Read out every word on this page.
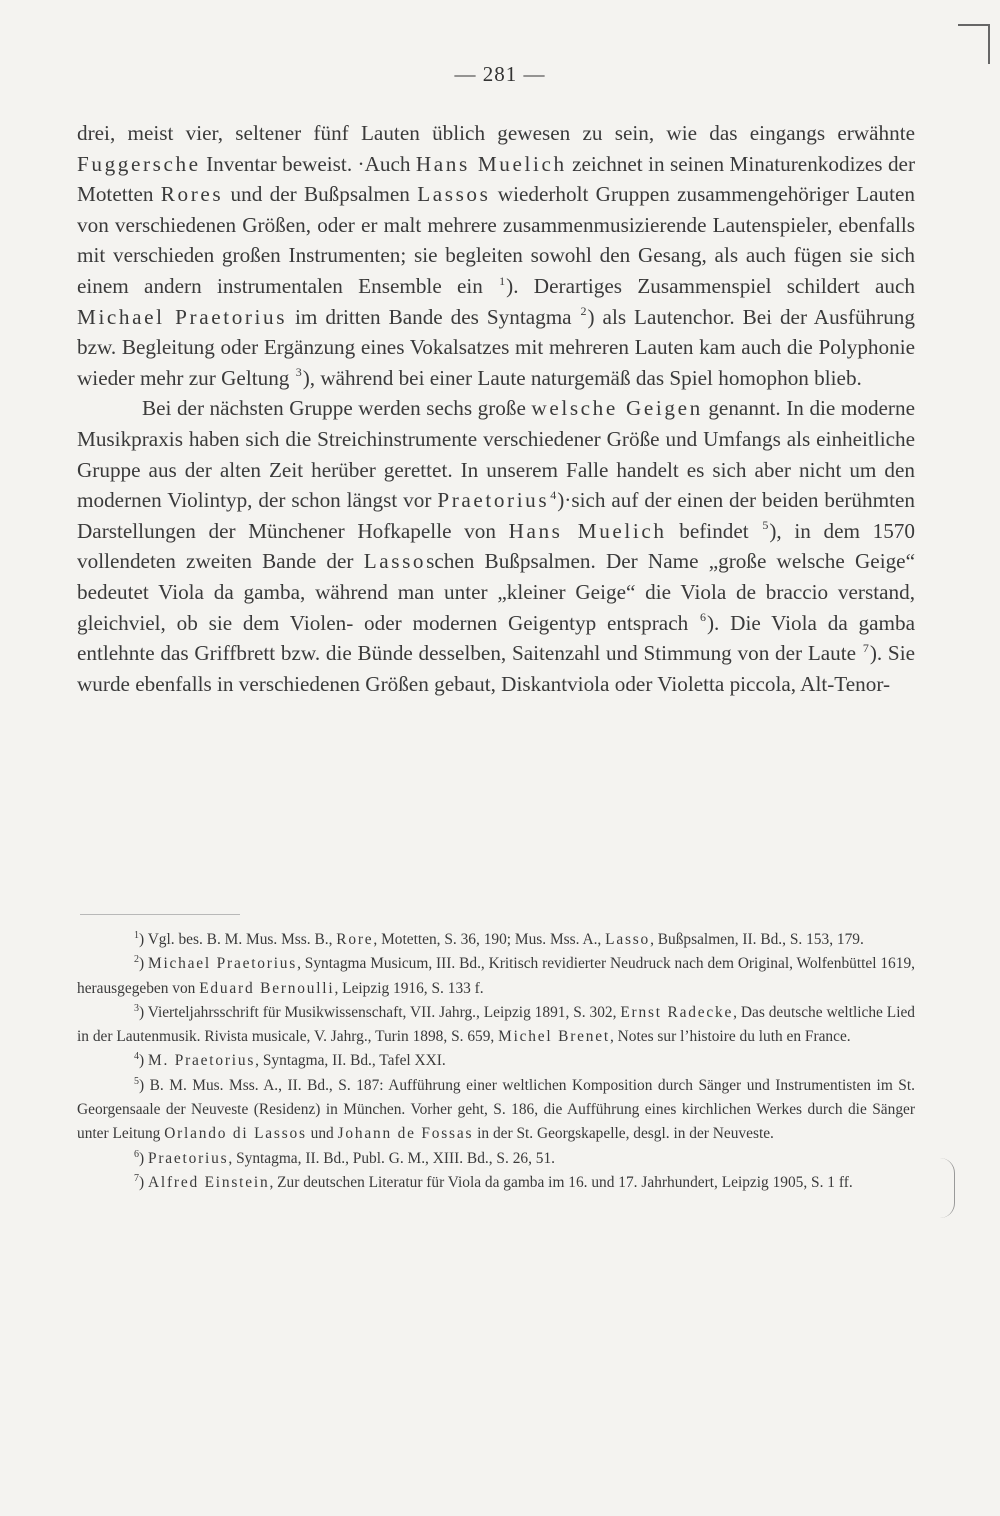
— 281 —

drei, meist vier, seltener fünf Lauten üblich gewesen zu sein, wie das eingangs erwähnte Fuggersche Inventar beweist. ·Auch Hans Muelich zeichnet in seinen Minaturenkodizes der Motetten Rores und der Bußpsalmen Lassos wiederholt Gruppen zusammengehöriger Lauten von verschiedenen Größen, oder er malt mehrere zusammenmusizierende Lautenspieler, ebenfalls mit verschieden großen Instrumenten; sie begleiten sowohl den Gesang, als auch fügen sie sich einem andern instrumentalen Ensemble ein $^1$). Derartiges Zusammenspiel schildert auch Michael Praetorius im dritten Bande des Syntagma $^2$) als Lautenchor. Bei der Ausführung bzw. Begleitung oder Ergänzung eines Vokalsatzes mit mehreren Lauten kam auch die Polyphonie wieder mehr zur Geltung $^3$), während bei einer Laute naturgemäß das Spiel homophon blieb.

Bei der nächsten Gruppe werden sechs große welsche Geigen genannt. In die moderne Musikpraxis haben sich die Streichinstrumente verschiedener Größe und Umfangs als einheitliche Gruppe aus der alten Zeit herüber gerettet. In unserem Falle handelt es sich aber nicht um den modernen Violintyp, der schon längst vor Praetorius$^4$)·sich auf der einen der beiden berühmten Darstellungen der Münchener Hofkapelle von Hans Muelich befindet $^5$), in dem 1570 vollendeten zweiten Bande der Lassoschen Bußpsalmen. Der Name „große welsche Geige“ bedeutet Viola da gamba, während man unter „kleiner Geige“ die Viola de braccio verstand, gleichviel, ob sie dem Violen- oder modernen Geigentyp entsprach $^6$). Die Viola da gamba entlehnte das Griffbrett bzw. die Bünde desselben, Saitenzahl und Stimmung von der Laute $^7$). Sie wurde ebenfalls in verschiedenen Größen gebaut, Diskantviola oder Violetta piccola, Alt-Tenor-

$^1$) Vgl. bes. B. M. Mus. Mss. B., Rore, Motetten, S. 36, 190; Mus. Mss. A., Lasso, Bußpsalmen, II. Bd., S. 153, 179.

$^2$) Michael Praetorius, Syntagma Musicum, III. Bd., Kritisch revidierter Neudruck nach dem Original, Wolfenbüttel 1619, herausgegeben von Eduard Bernoulli, Leipzig 1916, S. 133 f.

$^3$) Vierteljahrsschrift für Musikwissenschaft, VII. Jahrg., Leipzig 1891, S. 302, Ernst Radecke, Das deutsche weltliche Lied in der Lautenmusik. Rivista musicale, V. Jahrg., Turin 1898, S. 659, Michel Brenet, Notes sur l’histoire du luth en France.

$^4$) M. Praetorius, Syntagma, II. Bd., Tafel XXI.

$^5$) B. M. Mus. Mss. A., II. Bd., S. 187: Aufführung einer weltlichen Komposition durch Sänger und Instrumentisten im St. Georgensaale der Neuveste (Residenz) in München. Vorher geht, S. 186, die Aufführung eines kirchlichen Werkes durch die Sänger unter Leitung Orlando di Lassos und Johann de Fossas in der St. Georgskapelle, desgl. in der Neuveste.

$^6$) Praetorius, Syntagma, II. Bd., Publ. G. M., XIII. Bd., S. 26, 51.

$^7$) Alfred Einstein, Zur deutschen Literatur für Viola da gamba im 16. und 17. Jahrhundert, Leipzig 1905, S. 1 ff.
